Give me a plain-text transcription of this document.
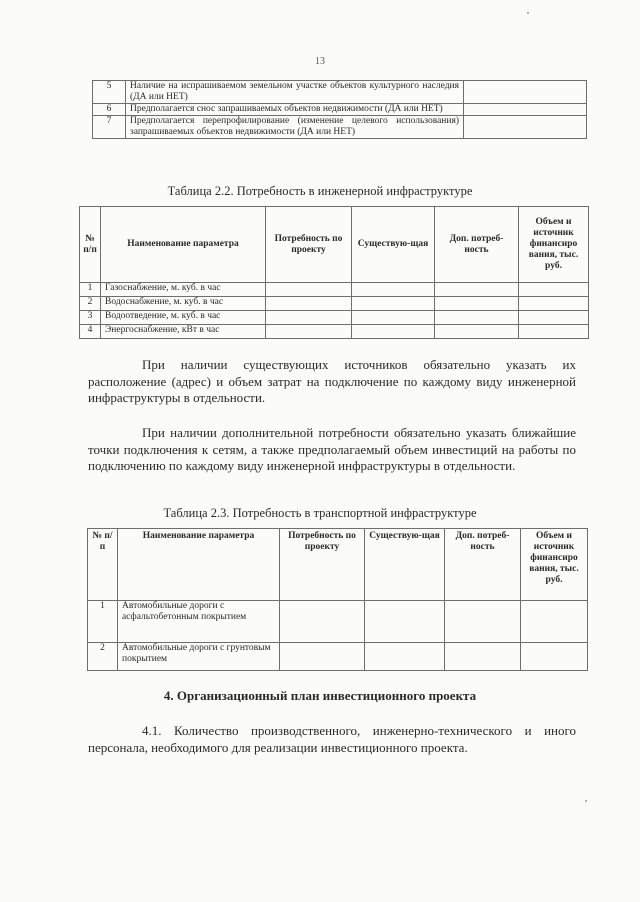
13
5	Наличие на испрашиваемом земельном участке объектов культурного наследия (ДА или НЕТ)	
6	Предполагается снос запрашиваемых объектов недвижимости (ДА или НЕТ)	
7	Предполагается перепрофилирование (изменение целевого использования) запрашиваемых объектов недвижимости (ДА или НЕТ)	
Таблица 2.2. Потребность в инженерной инфраструктуре
№ п/п	Наименование параметра	Потребность по проекту	Существую-щая	Доп. потреб-ность	Объем и источник финансиро вания, тыс. руб.
1	Газоснабжение, м. куб. в час				
2	Водоснабжение, м. куб. в час				
3	Водоотведение, м. куб. в час				
4	Энергоснабжение, кВт в час				
При наличии существующих источников обязательно указать их расположение (адрес) и объем затрат на подключение по каждому виду инженерной инфраструктуры в отдельности.
При наличии дополнительной потребности обязательно указать ближайшие точки подключения к сетям, а также предполагаемый объем инвестиций на работы по подключению по каждому виду инженерной инфраструктуры в отдельности.
Таблица 2.3. Потребность в транспортной инфраструктуре
№ п/п	Наименование параметра	Потребность по проекту	Существую-щая	Доп. потреб-ность	Объем и источник финансиро вания, тыс. руб.
1	Автомобильные дороги с асфальтобетонным покрытием				
2	Автомобильные дороги с грунтовым покрытием				
4. Организационный план инвестиционного проекта
4.1. Количество производственного, инженерно-технического и иного персонала, необходимого для реализации инвестиционного проекта.
